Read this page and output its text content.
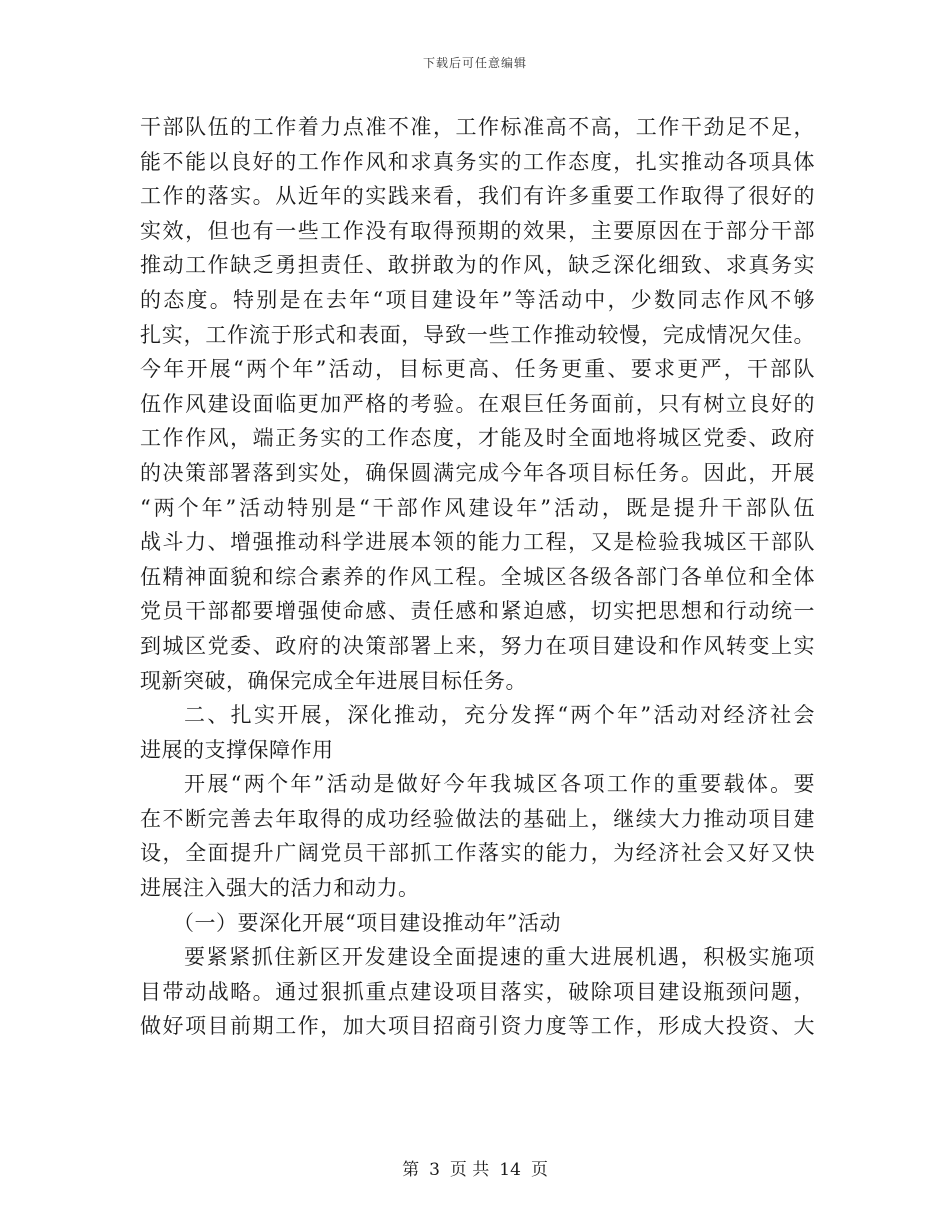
下载后可任意编辑
干部队伍的工作着力点准不准，工作标准高不高，工作干劲足不足，
能不能以良好的工作作风和求真务实的工作态度，扎实推动各项具体
工作的落实。从近年的实践来看，我们有许多重要工作取得了很好的
实效，但也有一些工作没有取得预期的效果，主要原因在于部分干部
推动工作缺乏勇担责任、敢拼敢为的作风，缺乏深化细致、求真务实
的态度。特别是在去年“项目建设年”等活动中，少数同志作风不够
扎实，工作流于形式和表面，导致一些工作推动较慢，完成情况欠佳。
今年开展“两个年”活动，目标更高、任务更重、要求更严，干部队
伍作风建设面临更加严格的考验。在艰巨任务面前，只有树立良好的
工作作风，端正务实的工作态度，才能及时全面地将城区党委、政府
的决策部署落到实处，确保圆满完成今年各项目标任务。因此，开展
“两个年”活动特别是“干部作风建设年”活动，既是提升干部队伍
战斗力、增强推动科学进展本领的能力工程，又是检验我城区干部队
伍精神面貌和综合素养的作风工程。全城区各级各部门各单位和全体
党员干部都要增强使命感、责任感和紧迫感，切实把思想和行动统一
到城区党委、政府的决策部署上来，努力在项目建设和作风转变上实
现新突破，确保完成全年进展目标任务。
二、扎实开展，深化推动，充分发挥“两个年”活动对经济社会
进展的支撑保障作用
开展“两个年”活动是做好今年我城区各项工作的重要载体。要
在不断完善去年取得的成功经验做法的基础上，继续大力推动项目建
设，全面提升广阔党员干部抓工作落实的能力，为经济社会又好又快
进展注入强大的活力和动力。
（一）要深化开展“项目建设推动年”活动
要紧紧抓住新区开发建设全面提速的重大进展机遇，积极实施项
目带动战略。通过狠抓重点建设项目落实，破除项目建设瓶颈问题，
做好项目前期工作，加大项目招商引资力度等工作，形成大投资、大
第 3 页 共 14 页
